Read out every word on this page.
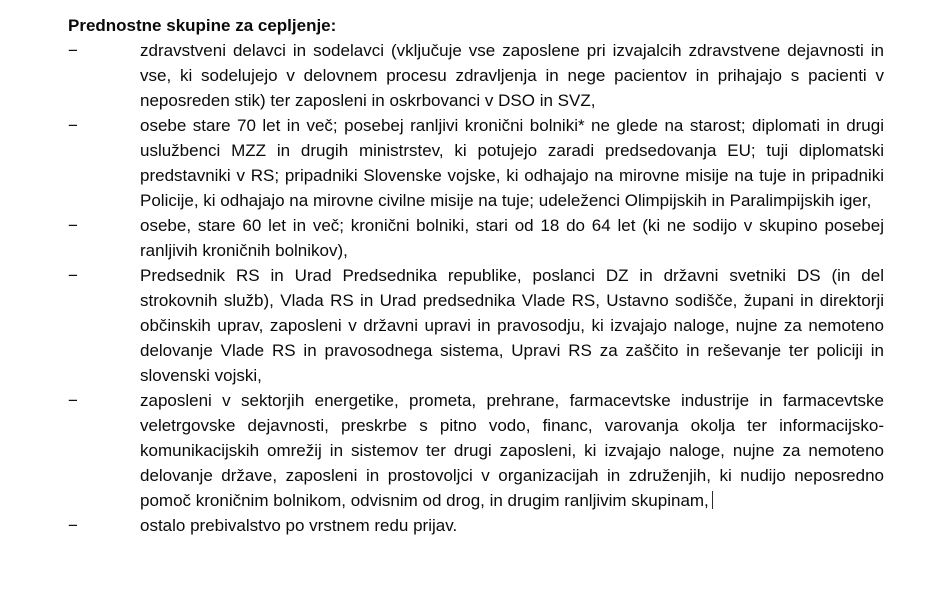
Prednostne skupine za cepljenje:

−	zdravstveni delavci in sodelavci (vključuje vse zaposlene pri izvajalcih zdravstvene dejavnosti in vse, ki sodelujejo v delovnem procesu zdravljenja in nege pacientov in prihajajo s pacienti v neposreden stik) ter zaposleni in oskrbovanci v DSO in SVZ,
−	osebe stare 70 let in več; posebej ranljivi kronični bolniki* ne glede na starost; diplomati in drugi uslužbenci MZZ in drugih ministrstev, ki potujejo zaradi predsedovanja EU; tuji diplomatski predstavniki v RS; pripadniki Slovenske vojske, ki odhajajo na mirovne misije na tuje in pripadniki Policije, ki odhajajo na mirovne civilne misije na tuje; udeleženci Olimpijskih in Paralimpijskih iger,
−	osebe, stare 60 let in več; kronični bolniki, stari od 18 do 64 let (ki ne sodijo v skupino posebej ranljivih kroničnih bolnikov),
−	Predsednik RS in Urad Predsednika republike, poslanci DZ in državni svetniki DS (in del strokovnih služb), Vlada RS in Urad predsednika Vlade RS, Ustavno sodišče, župani in direktorji občinskih uprav, zaposleni v državni upravi in pravosodju, ki izvajajo naloge, nujne za nemoteno delovanje Vlade RS in pravosodnega sistema, Upravi RS za zaščito in reševanje ter policiji in slovenski vojski,
−	zaposleni v sektorjih energetike, prometa, prehrane, farmacevtske industrije in farmacevtske veletrgovske dejavnosti, preskrbe s pitno vodo, financ, varovanja okolja ter informacijsko-komunikacijskih omrežij in sistemov ter drugi zaposleni, ki izvajajo naloge, nujne za nemoteno delovanje države, zaposleni in prostovoljci v organizacijah in združenjih, ki nudijo neposredno pomoč kroničnim bolnikom, odvisnim od drog, in drugim ranljivim skupinam,
−	ostalo prebivalstvo po vrstnem redu prijav.
